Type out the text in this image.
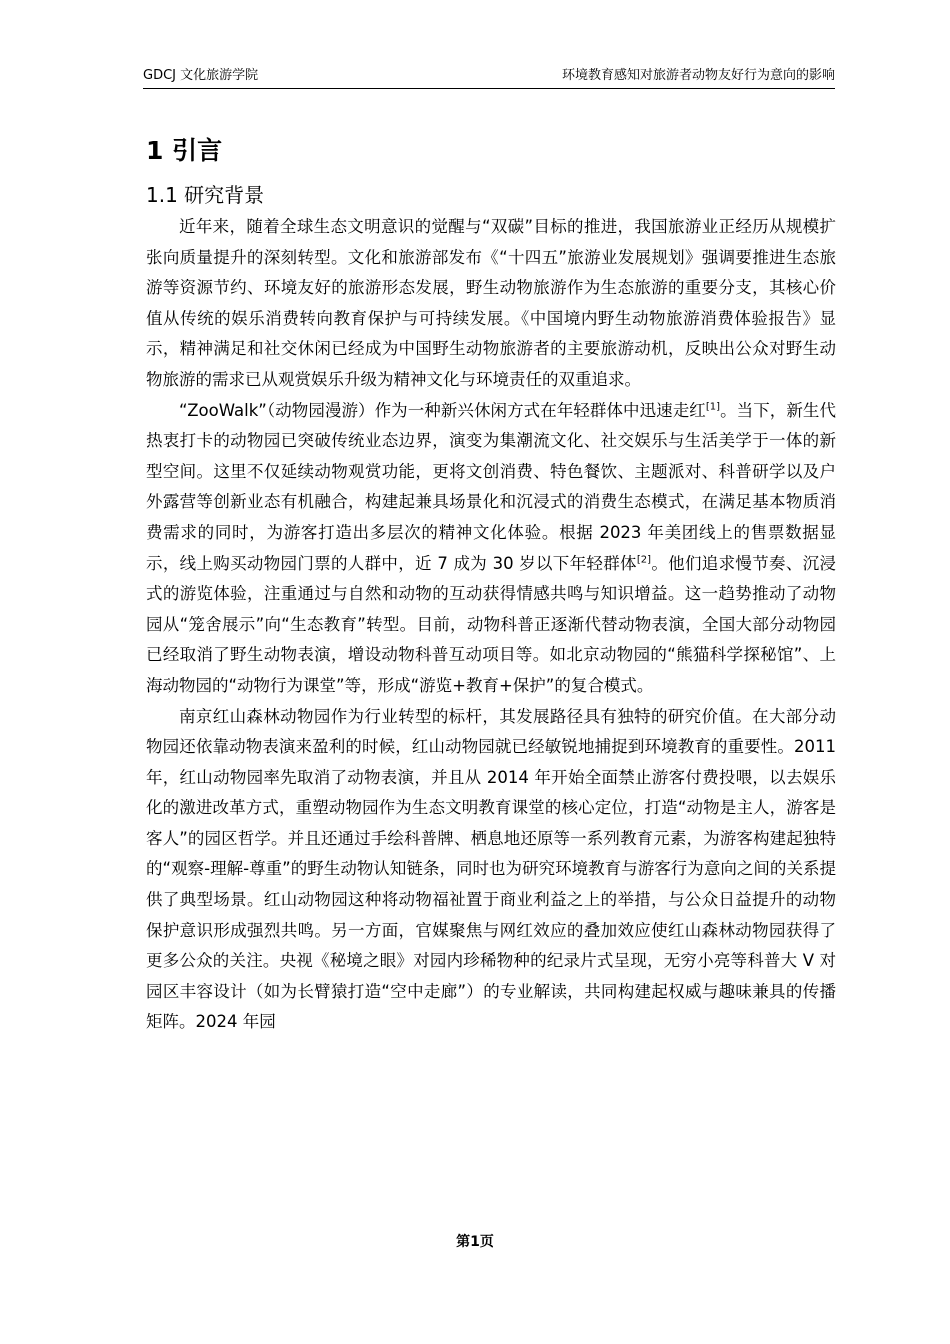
GDCJ 文化旅游学院	环境教育感知对旅游者动物友好行为意向的影响
1 引言
1.1 研究背景

近年来，随着全球生态文明意识的觉醒与“双碳”目标的推进，我国旅游业正经历从规模扩张向质量提升的深刻转型。文化和旅游部发布《“十四五”旅游业发展规划》强调要推进生态旅游等资源节约、环境友好的旅游形态发展，野生动物旅游作为生态旅游的重要分支，其核心价值从传统的娱乐消费转向教育保护与可持续发展。《中国境内野生动物旅游消费体验报告》显示，精神满足和社交休闲已经成为中国野生动物旅游者的主要旅游动机，反映出公众对野生动物旅游的需求已从观赏娱乐升级为精神文化与环境责任的双重追求。

“ZooWalk”（动物园漫游）作为一种新兴休闲方式在年轻群体中迅速走红[1]。当下，新生代热衷打卡的动物园已突破传统业态边界，演变为集潮流文化、社交娱乐与生活美学于一体的新型空间。这里不仅延续动物观赏功能，更将文创消费、特色餐饮、主题派对、科普研学以及户外露营等创新业态有机融合，构建起兼具场景化和沉浸式的消费生态模式，在满足基本物质消费需求的同时，为游客打造出多层次的精神文化体验。根据 2023 年美团线上的售票数据显示，线上购买动物园门票的人群中，近 7 成为 30 岁以下年轻群体[2]。他们追求慢节奏、沉浸式的游览体验，注重通过与自然和动物的互动获得情感共鸣与知识增益。这一趋势推动了动物园从“笼舍展示”向“生态教育”转型。目前，动物科普正逐渐代替动物表演，全国大部分动物园已经取消了野生动物表演，增设动物科普互动项目等。如北京动物园的“熊猫科学探秘馆”、上海动物园的“动物行为课堂”等，形成“游览+教育+保护”的复合模式。

南京红山森林动物园作为行业转型的标杆，其发展路径具有独特的研究价值。在大部分动物园还依靠动物表演来盈利的时候，红山动物园就已经敏锐地捕捉到环境教育的重要性。2011 年，红山动物园率先取消了动物表演，并且从 2014 年开始全面禁止游客付费投喂，以去娱乐化的激进改革方式，重塑动物园作为生态文明教育课堂的核心定位，打造“动物是主人，游客是客人”的园区哲学。并且还通过手绘科普牌、栖息地还原等一系列教育元素，为游客构建起独特的“观察-理解-尊重”的野生动物认知链条，同时也为研究环境教育与游客行为意向之间的关系提供了典型场景。红山动物园这种将动物福祉置于商业利益之上的举措，与公众日益提升的动物保护意识形成强烈共鸣。另一方面，官媒聚焦与网红效应的叠加效应使红山森林动物园获得了更多公众的关注。央视《秘境之眼》对园内珍稀物种的纪录片式呈现，无穷小亮等科普大 V 对园区丰容设计（如为长臂猿打造“空中走廊”）的专业解读，共同构建起权威与趣味兼具的传播矩阵。2024 年园

第1页
